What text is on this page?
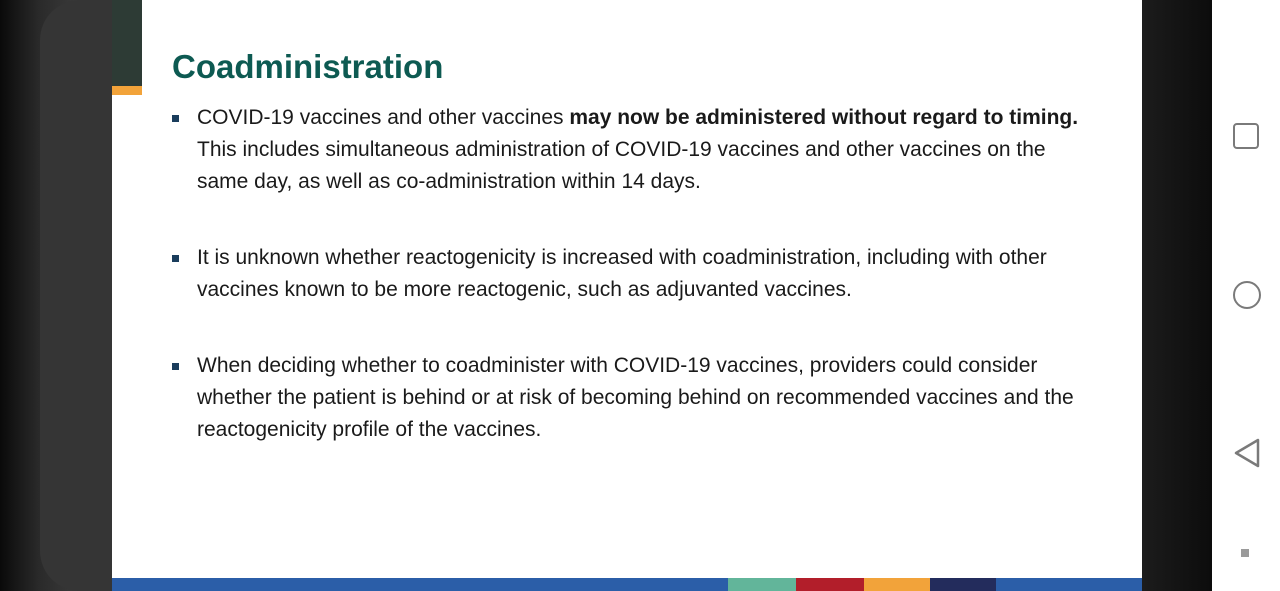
Coadministration
COVID-19 vaccines and other vaccines may now be administered without regard to timing. This includes simultaneous administration of COVID-19 vaccines and other vaccines on the same day, as well as co-administration within 14 days.
It is unknown whether reactogenicity is increased with coadministration, including with other vaccines known to be more reactogenic, such as adjuvanted vaccines.
When deciding whether to coadminister with COVID-19 vaccines, providers could consider whether the patient is behind or at risk of becoming behind on recommended vaccines and the reactogenicity profile of the vaccines.
